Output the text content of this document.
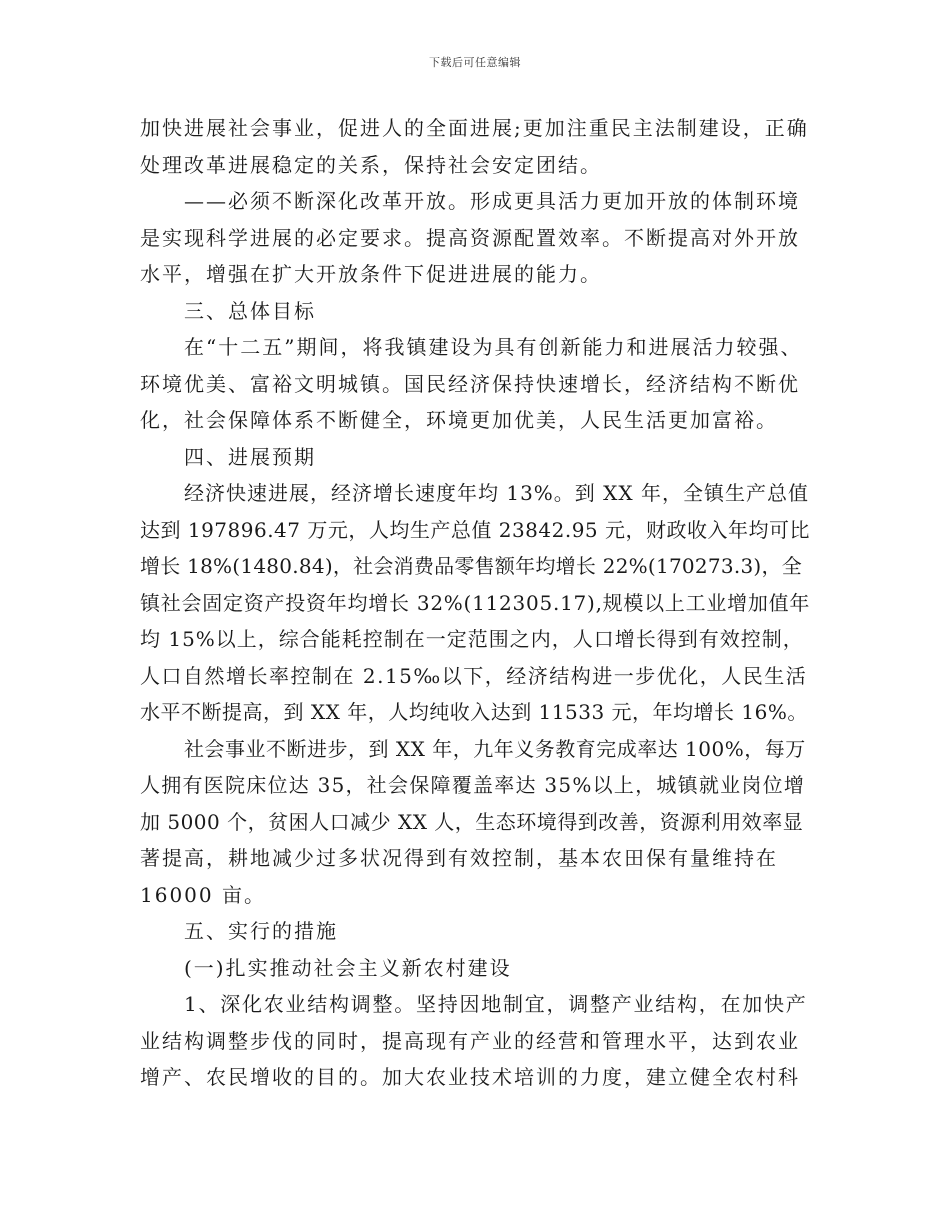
下载后可任意编辑
加快进展社会事业，促进人的全面进展;更加注重民主法制建设，正确
处理改革进展稳定的关系，保持社会安定团结。
——必须不断深化改革开放。形成更具活力更加开放的体制环境
是实现科学进展的必定要求。提高资源配置效率。不断提高对外开放
水平，增强在扩大开放条件下促进进展的能力。
三、总体目标
在“十二五”期间，将我镇建设为具有创新能力和进展活力较强、
环境优美、富裕文明城镇。国民经济保持快速增长，经济结构不断优
化，社会保障体系不断健全，环境更加优美，人民生活更加富裕。
四、进展预期
经济快速进展，经济增长速度年均 13%。到 XX 年，全镇生产总值
达到 197896.47 万元，人均生产总值 23842.95 元，财政收入年均可比
增长 18%(1480.84)，社会消费品零售额年均增长 22%(170273.3)，全
镇社会固定资产投资年均增长 32%(112305.17),规模以上工业增加值年
均 15%以上，综合能耗控制在一定范围之内，人口增长得到有效控制，
人口自然增长率控制在 2.15‰以下，经济结构进一步优化，人民生活
水平不断提高，到 XX 年，人均纯收入达到 11533 元，年均增长 16%。
社会事业不断进步，到 XX 年，九年义务教育完成率达 100%，每万
人拥有医院床位达 35，社会保障覆盖率达 35%以上，城镇就业岗位增
加 5000 个，贫困人口减少 XX 人，生态环境得到改善，资源利用效率显
著提高，耕地减少过多状况得到有效控制，基本农田保有量维持在
16000 亩。
五、实行的措施
(一)扎实推动社会主义新农村建设
1、深化农业结构调整。坚持因地制宜，调整产业结构，在加快产
业结构调整步伐的同时，提高现有产业的经营和管理水平，达到农业
增产、农民增收的目的。加大农业技术培训的力度，建立健全农村科
